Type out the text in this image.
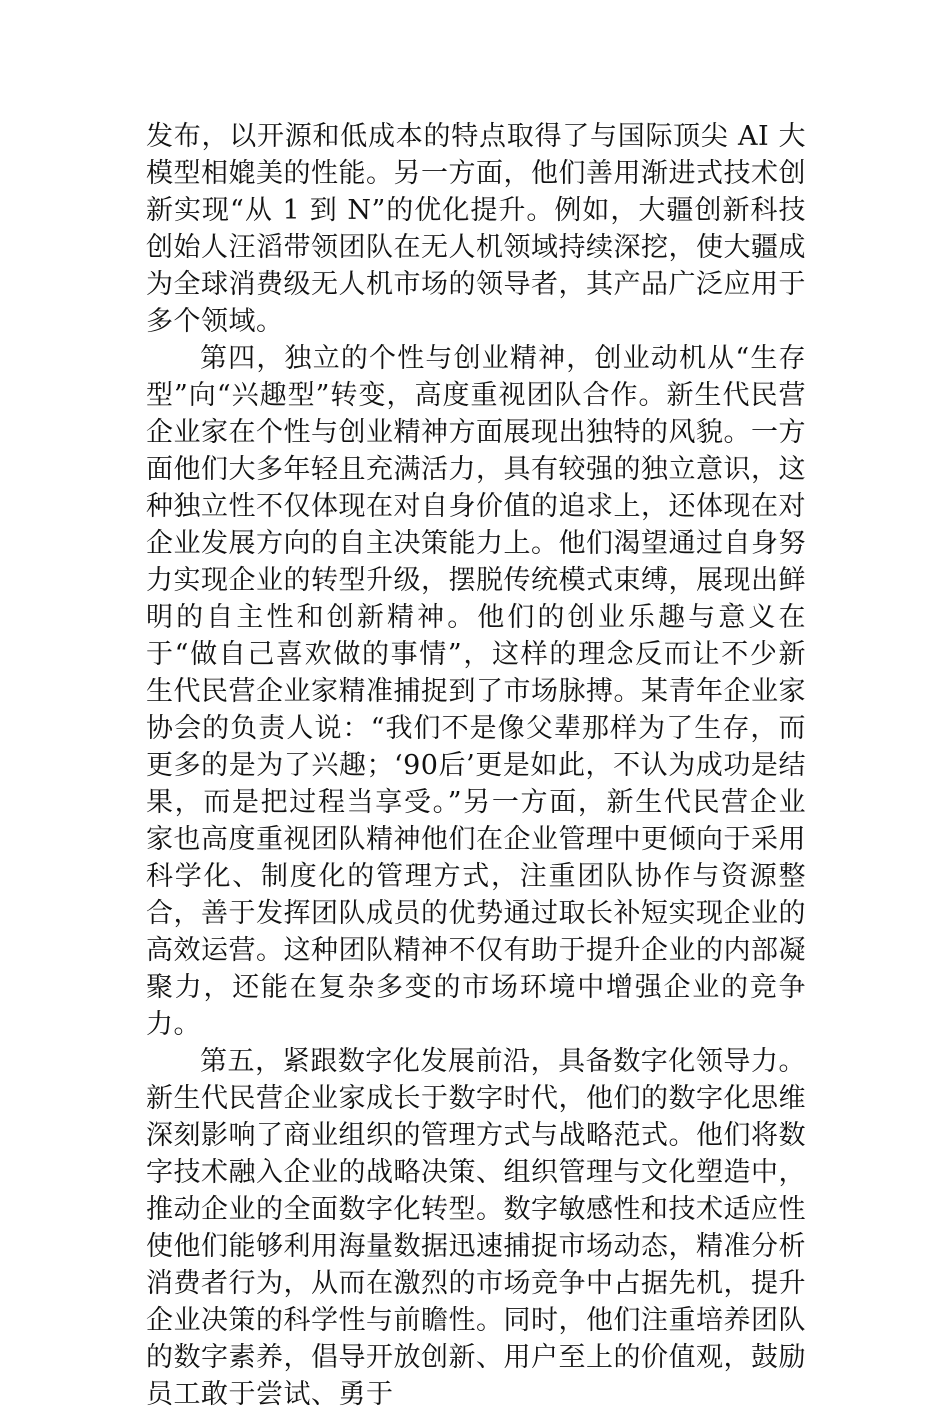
发布，以开源和低成本的特点取得了与国际顶尖 AI 大模型相媲美的性能。另一方面，他们善用渐进式技术创新实现“从 1 到 N”的优化提升。例如，大疆创新科技创始人汪滔带领团队在无人机领域持续深挖，使大疆成为全球消费级无人机市场的领导者，其产品广泛应用于多个领域。

第四，独立的个性与创业精神，创业动机从“生存型”向“兴趣型”转变，高度重视团队合作。新生代民营企业家在个性与创业精神方面展现出独特的风貌。一方面他们大多年轻且充满活力，具有较强的独立意识，这种独立性不仅体现在对自身价值的追求上，还体现在对企业发展方向的自主决策能力上。他们渴望通过自身努力实现企业的转型升级，摆脱传统模式束缚，展现出鲜明的自主性和创新精神。他们的创业乐趣与意义在于“做自己喜欢做的事情”，这样的理念反而让不少新生代民营企业家精准捕捉到了市场脉搏。某青年企业家协会的负责人说：“我们不是像父辈那样为了生存，而更多的是为了兴趣；‘90后’更是如此，不认为成功是结果，而是把过程当享受。”另一方面，新生代民营企业家也高度重视团队精神他们在企业管理中更倾向于采用科学化、制度化的管理方式，注重团队协作与资源整合，善于发挥团队成员的优势通过取长补短实现企业的高效运营。这种团队精神不仅有助于提升企业的内部凝聚力，还能在复杂多变的市场环境中增强企业的竞争力。

第五，紧跟数字化发展前沿，具备数字化领导力。新生代民营企业家成长于数字时代，他们的数字化思维深刻影响了商业组织的管理方式与战略范式。他们将数字技术融入企业的战略决策、组织管理与文化塑造中，推动企业的全面数字化转型。数字敏感性和技术适应性使他们能够利用海量数据迅速捕捉市场动态，精准分析消费者行为，从而在激烈的市场竞争中占据先机，提升企业决策的科学性与前瞻性。同时，他们注重培养团队的数字素养，倡导开放创新、用户至上的价值观，鼓励员工敢于尝试、勇于
